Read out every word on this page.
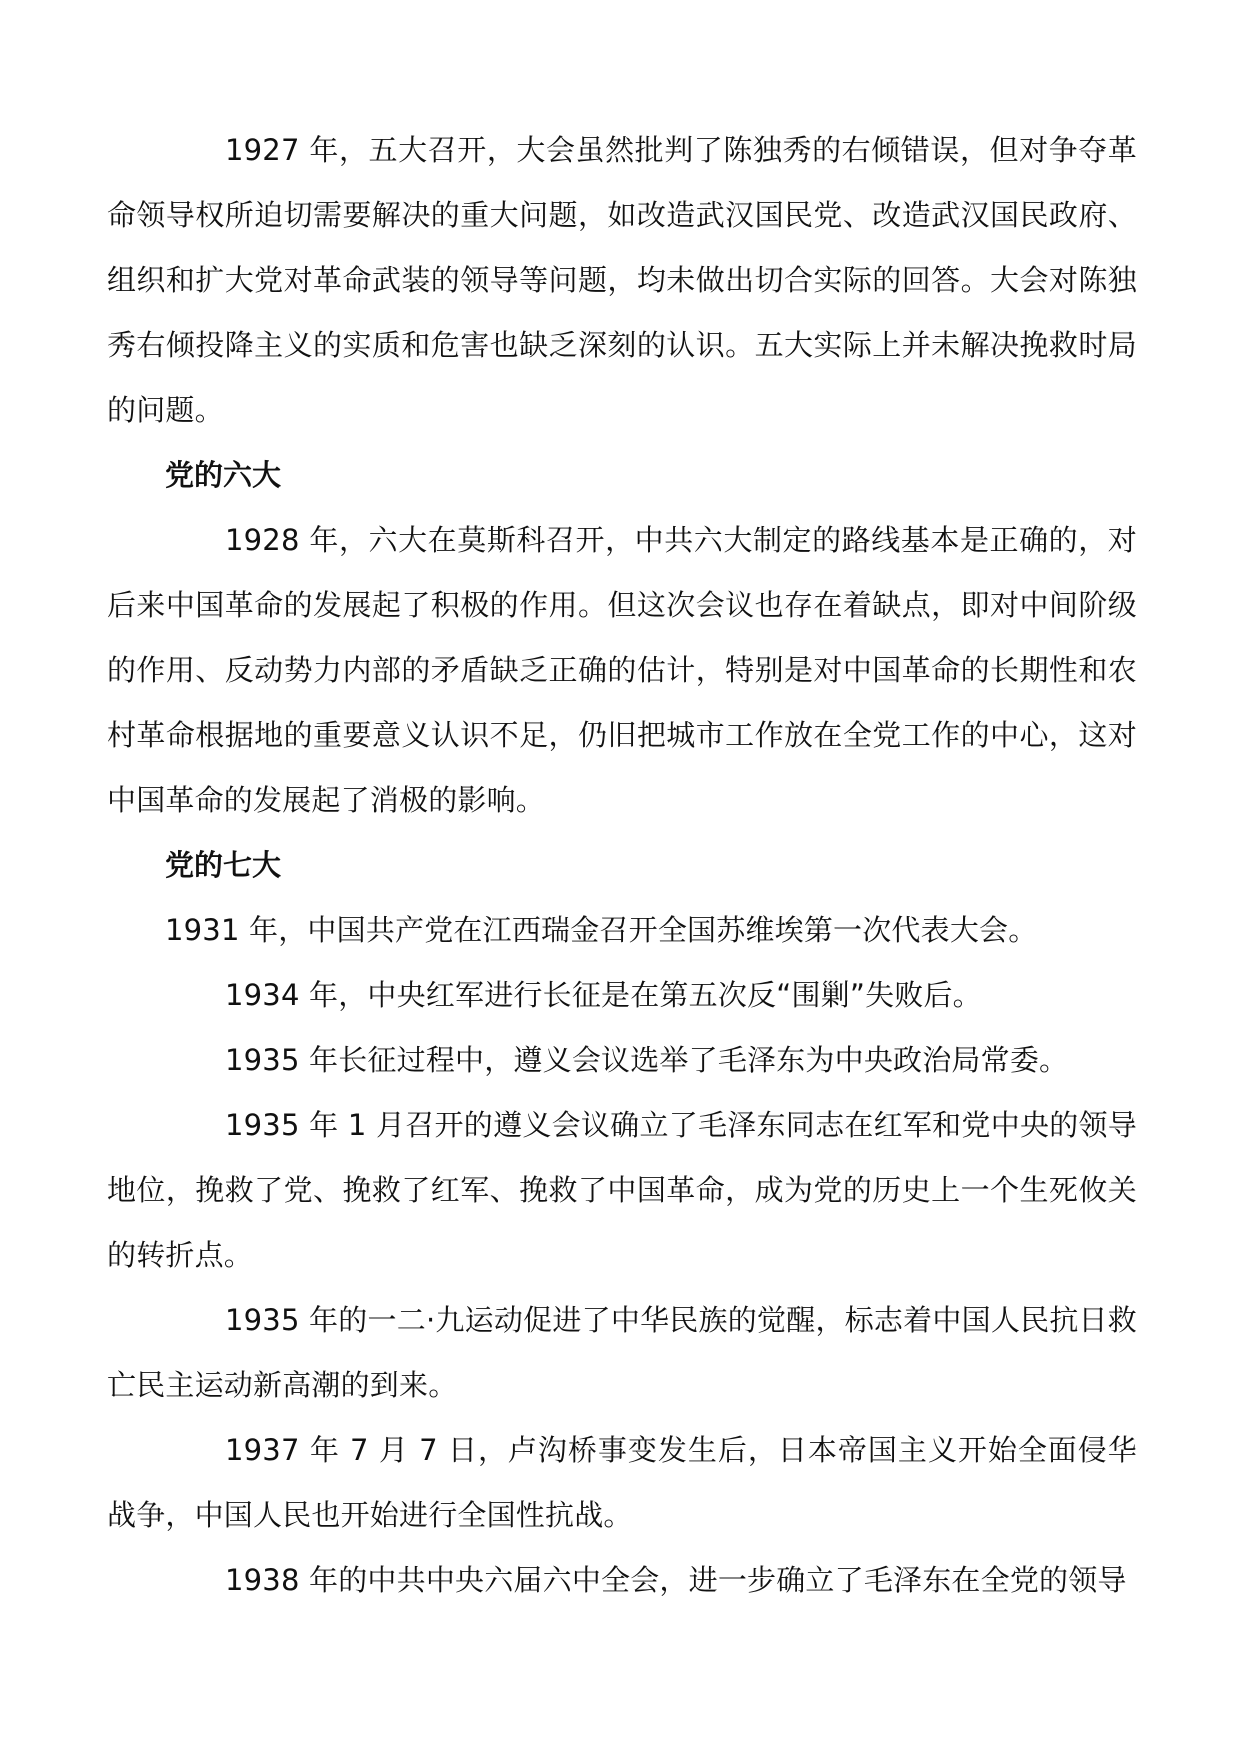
1927 年，五大召开，大会虽然批判了陈独秀的右倾错误，但对争夺革命领导权所迫切需要解决的重大问题，如改造武汉国民党、改造武汉国民政府、组织和扩大党对革命武装的领导等问题，均未做出切合实际的回答。大会对陈独秀右倾投降主义的实质和危害也缺乏深刻的认识。五大实际上并未解决挽救时局的问题。

党的六大

1928 年，六大在莫斯科召开，中共六大制定的路线基本是正确的，对后来中国革命的发展起了积极的作用。但这次会议也存在着缺点，即对中间阶级的作用、反动势力内部的矛盾缺乏正确的估计，特别是对中国革命的长期性和农村革命根据地的重要意义认识不足，仍旧把城市工作放在全党工作的中心，这对中国革命的发展起了消极的影响。

党的七大

1931 年，中国共产党在江西瑞金召开全国苏维埃第一次代表大会。

1934 年，中央红军进行长征是在第五次反“围剿”失败后。

1935 年长征过程中，遵义会议选举了毛泽东为中央政治局常委。

1935 年 1 月召开的遵义会议确立了毛泽东同志在红军和党中央的领导地位，挽救了党、挽救了红军、挽救了中国革命，成为党的历史上一个生死攸关的转折点。

1935 年的一二·九运动促进了中华民族的觉醒，标志着中国人民抗日救亡民主运动新高潮的到来。

1937 年 7 月 7 日，卢沟桥事变发生后，日本帝国主义开始全面侵华战争，中国人民也开始进行全国性抗战。

1938 年的中共中央六届六中全会，进一步确立了毛泽东在全党的领导
